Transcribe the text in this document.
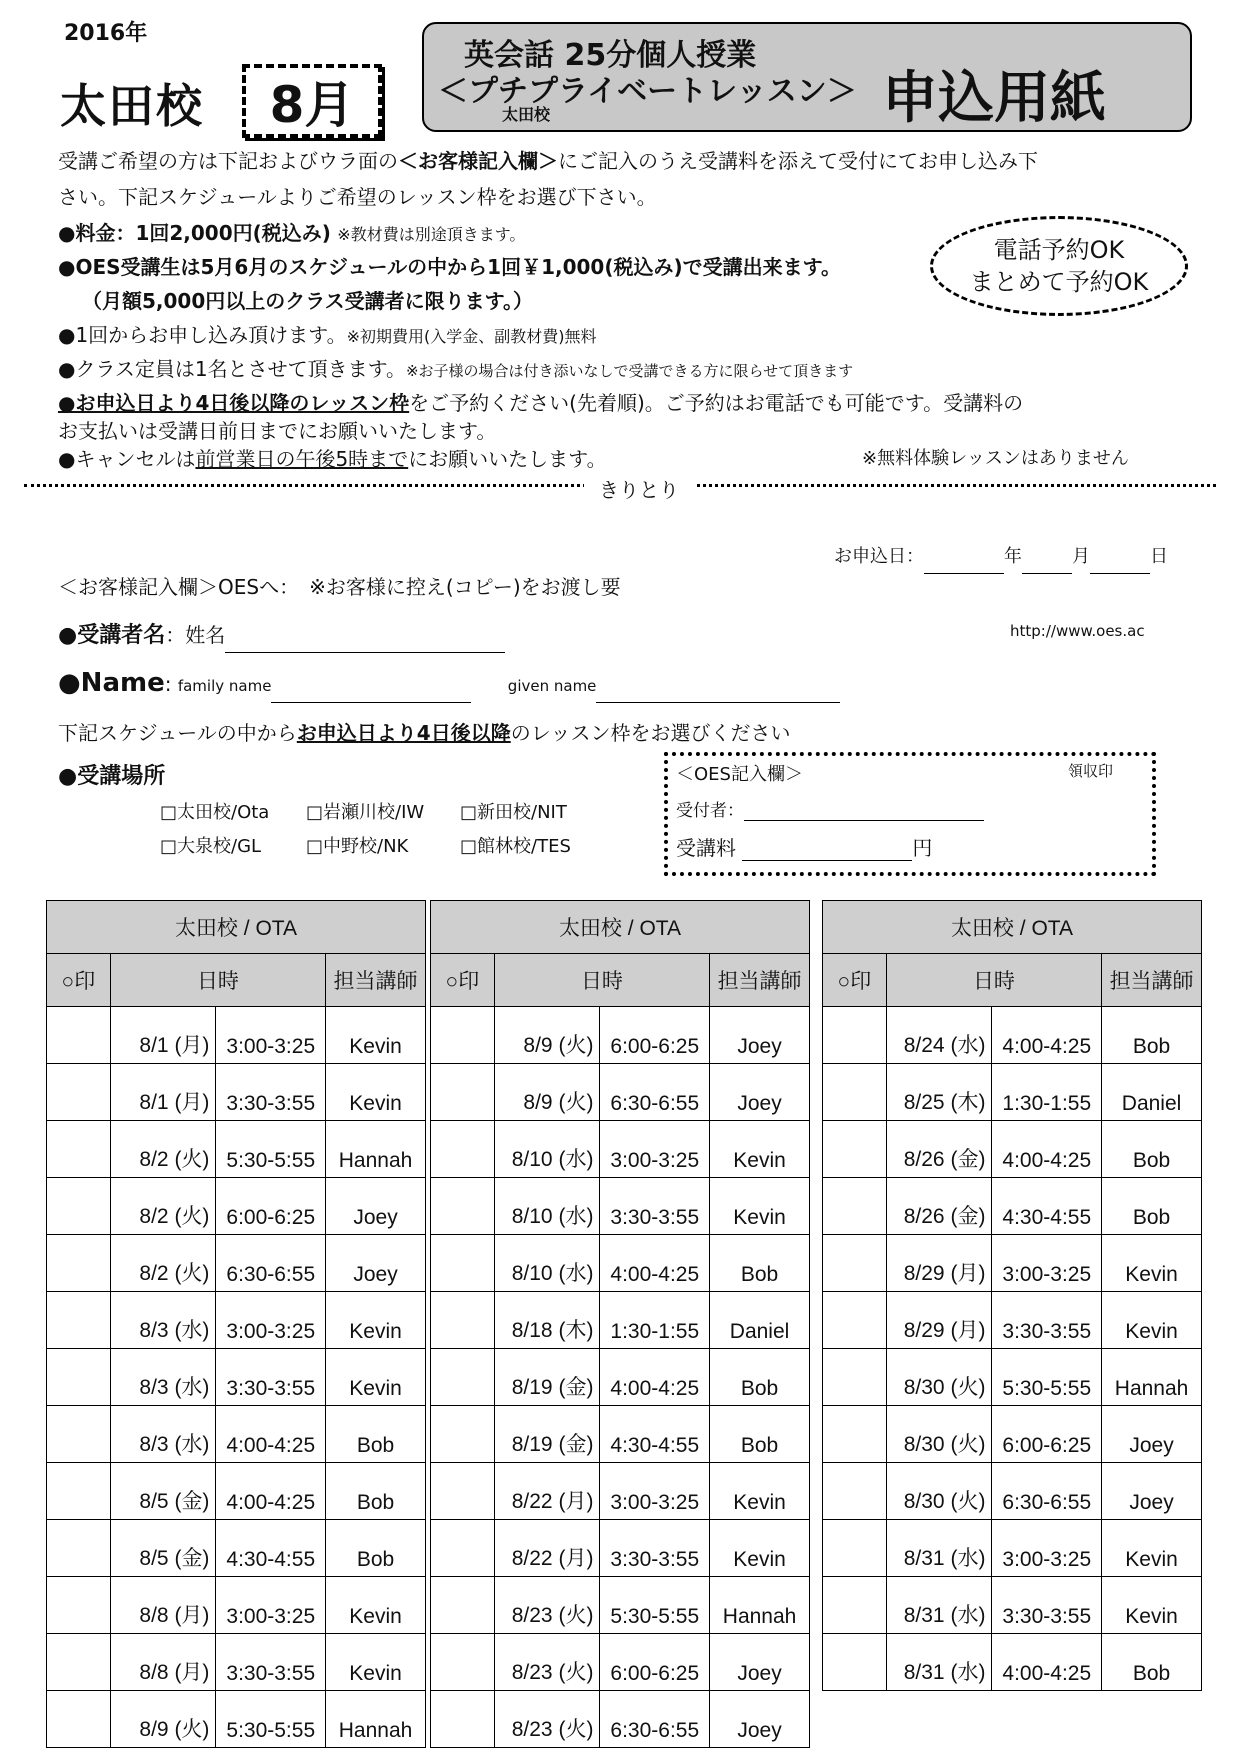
2016年
太田校 8月
英会話 25分個人授業
＜プチプライベートレッスン＞
太田校	申込用紙
受講ご希望の方は下記およびウラ面の＜お客様記入欄＞にご記入のうえ受講料を添えて受付にてお申し込み下
さい。下記スケジュールよりご希望のレッスン枠をお選び下さい。
●料金：1回2,000円(税込み) ※教材費は別途頂きます。
●OES受講生は5月6月のスケジュールの中から1回￥1,000(税込み)で受講出来ます。
（月額5,000円以上のクラス受講者に限ります。）
●1回からお申し込み頂けます。※初期費用(入学金、副教材費)無料
●クラス定員は1名とさせて頂きます。※お子様の場合は付き添いなしで受講できる方に限らせて頂きます
●お申込日より4日後以降のレッスン枠をご予約ください(先着順)。ご予約はお電話でも可能です。受講料の
お支払いは受講日前日までにお願いいたします。
●キャンセルは前営業日の午後5時までにお願いいたします。	※無料体験レッスンはありません
電話予約OK
まとめて予約OK
きりとり
お申込日：	年	月	日
＜お客様記入欄＞OESへ：　 ※お客様に控え(コピー)をお渡し要
●受講者名：姓名	http://www.oes.ac
●Name: family name	given name
下記スケジュールの中からお申込日より4日後以降のレッスン枠をお選びください
●受講場所
□太田校/Ota □岩瀬川校/IW □新田校/NIT
□大泉校/GL □中野校/NK	□館林校/TES
＜OES記入欄＞	領収印
受付者：
受講料	円
太田校 / OTA			
○印	日時		担当講師
	8/1 (月)	3:00-3:25	Kevin
	8/1 (月)	3:30-3:55	Kevin
	8/2 (火)	5:30-5:55	Hannah
	8/2 (火)	6:00-6:25	Joey
	8/2 (火)	6:30-6:55	Joey
	8/3 (水)	3:00-3:25	Kevin
	8/3 (水)	3:30-3:55	Kevin
	8/3 (水)	4:00-4:25	Bob
	8/5 (金)	4:00-4:25	Bob
	8/5 (金)	4:30-4:55	Bob
	8/8 (月)	3:00-3:25	Kevin
	8/8 (月)	3:30-3:55	Kevin
	8/9 (火)	5:30-5:55	Hannah
太田校 / OTA			
○印	日時		担当講師
	8/9 (火)	6:00-6:25	Joey
	8/9 (火)	6:30-6:55	Joey
	8/10 (水)	3:00-3:25	Kevin
	8/10 (水)	3:30-3:55	Kevin
	8/10 (水)	4:00-4:25	Bob
	8/18 (木)	1:30-1:55	Daniel
	8/19 (金)	4:00-4:25	Bob
	8/19 (金)	4:30-4:55	Bob
	8/22 (月)	3:00-3:25	Kevin
	8/22 (月)	3:30-3:55	Kevin
	8/23 (火)	5:30-5:55	Hannah
	8/23 (火)	6:00-6:25	Joey
	8/23 (火)	6:30-6:55	Joey
太田校 / OTA			
○印	日時		担当講師
	8/24 (水)	4:00-4:25	Bob
	8/25 (木)	1:30-1:55	Daniel
	8/26 (金)	4:00-4:25	Bob
	8/26 (金)	4:30-4:55	Bob
	8/29 (月)	3:00-3:25	Kevin
	8/29 (月)	3:30-3:55	Kevin
	8/30 (火)	5:30-5:55	Hannah
	8/30 (火)	6:00-6:25	Joey
	8/30 (火)	6:30-6:55	Joey
	8/31 (水)	3:00-3:25	Kevin
	8/31 (水)	3:30-3:55	Kevin
	8/31 (水)	4:00-4:25	Bob
